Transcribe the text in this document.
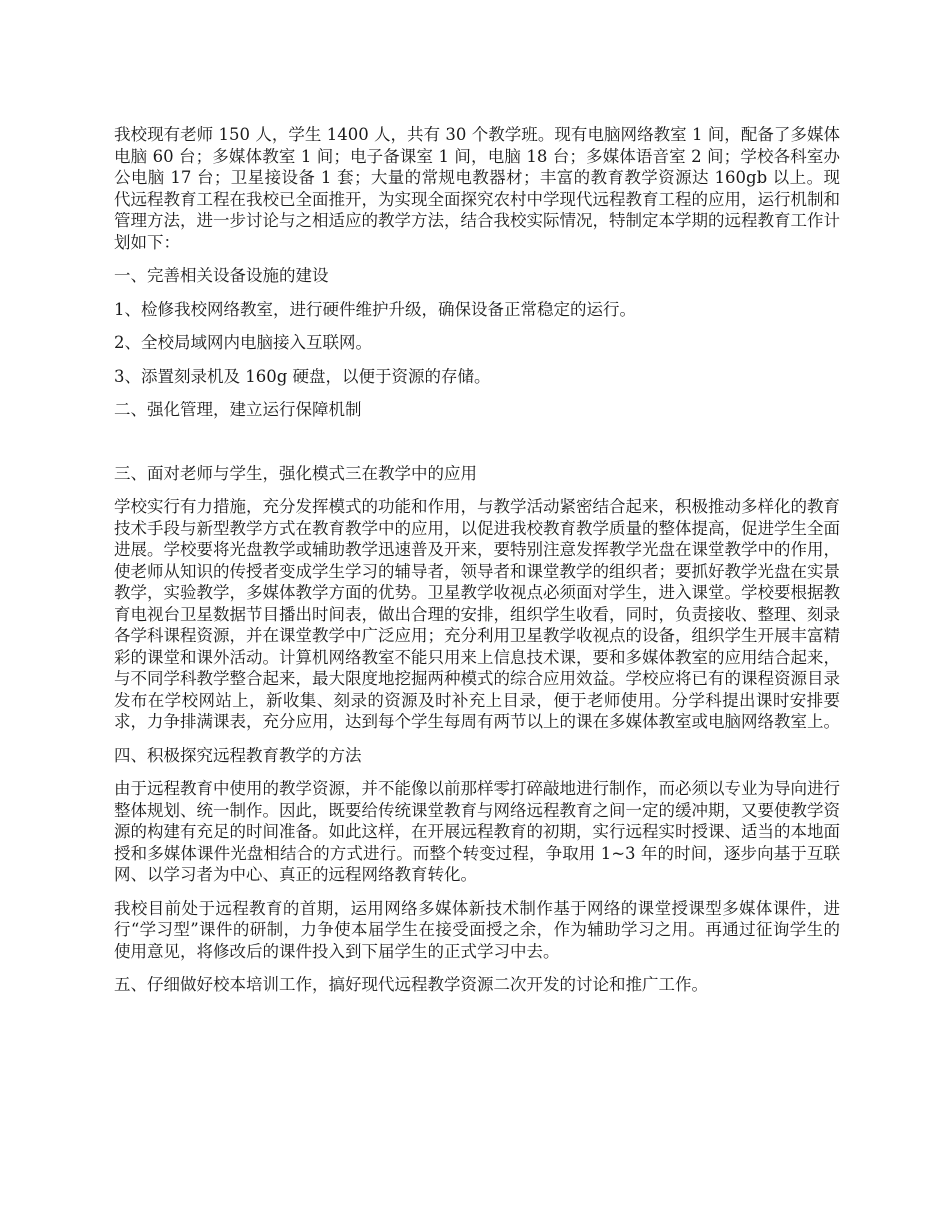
我校现有老师 150 人，学生 1400 人，共有 30 个教学班。现有电脑网络教室 1 间，配备了多媒体电脑 60 台；多媒体教室 1 间；电子备课室 1 间，电脑 18 台；多媒体语音室 2 间；学校各科室办公电脑 17 台；卫星接设备 1 套；大量的常规电教器材；丰富的教育教学资源达 160gb 以上。现代远程教育工程在我校已全面推开，为实现全面探究农村中学现代远程教育工程的应用，运行机制和管理方法，进一步讨论与之相适应的教学方法，结合我校实际情况，特制定本学期的远程教育工作计划如下：

一、完善相关设备设施的建设

1、检修我校网络教室，进行硬件维护升级，确保设备正常稳定的运行。

2、全校局域网内电脑接入互联网。

3、添置刻录机及 160g 硬盘，以便于资源的存储。

二、强化管理，建立运行保障机制

三、面对老师与学生，强化模式三在教学中的应用

学校实行有力措施，充分发挥模式的功能和作用，与教学活动紧密结合起来，积极推动多样化的教育技术手段与新型教学方式在教育教学中的应用，以促进我校教育教学质量的整体提高，促进学生全面进展。学校要将光盘教学或辅助教学迅速普及开来，要特别注意发挥教学光盘在课堂教学中的作用，使老师从知识的传授者变成学生学习的辅导者，领导者和课堂教学的组织者；要抓好教学光盘在实景教学，实验教学，多媒体教学方面的优势。卫星教学收视点必须面对学生，进入课堂。学校要根据教育电视台卫星数据节目播出时间表，做出合理的安排，组织学生收看，同时，负责接收、整理、刻录各学科课程资源，并在课堂教学中广泛应用；充分利用卫星教学收视点的设备，组织学生开展丰富精彩的课堂和课外活动。计算机网络教室不能只用来上信息技术课，要和多媒体教室的应用结合起来，与不同学科教学整合起来，最大限度地挖掘两种模式的综合应用效益。学校应将已有的课程资源目录发布在学校网站上，新收集、刻录的资源及时补充上目录，便于老师使用。分学科提出课时安排要求，力争排满课表，充分应用，达到每个学生每周有两节以上的课在多媒体教室或电脑网络教室上。

四、积极探究远程教育教学的方法

由于远程教育中使用的教学资源，并不能像以前那样零打碎敲地进行制作，而必须以专业为导向进行整体规划、统一制作。因此，既要给传统课堂教育与网络远程教育之间一定的缓冲期，又要使教学资源的构建有充足的时间准备。如此这样，在开展远程教育的初期，实行远程实时授课、适当的本地面授和多媒体课件光盘相结合的方式进行。而整个转变过程，争取用 1~3 年的时间，逐步向基于互联网、以学习者为中心、真正的远程网络教育转化。

我校目前处于远程教育的首期，运用网络多媒体新技术制作基于网络的课堂授课型多媒体课件，进行“学习型”课件的研制，力争使本届学生在接受面授之余，作为辅助学习之用。再通过征询学生的使用意见，将修改后的课件投入到下届学生的正式学习中去。

五、仔细做好校本培训工作，搞好现代远程教学资源二次开发的讨论和推广工作。
